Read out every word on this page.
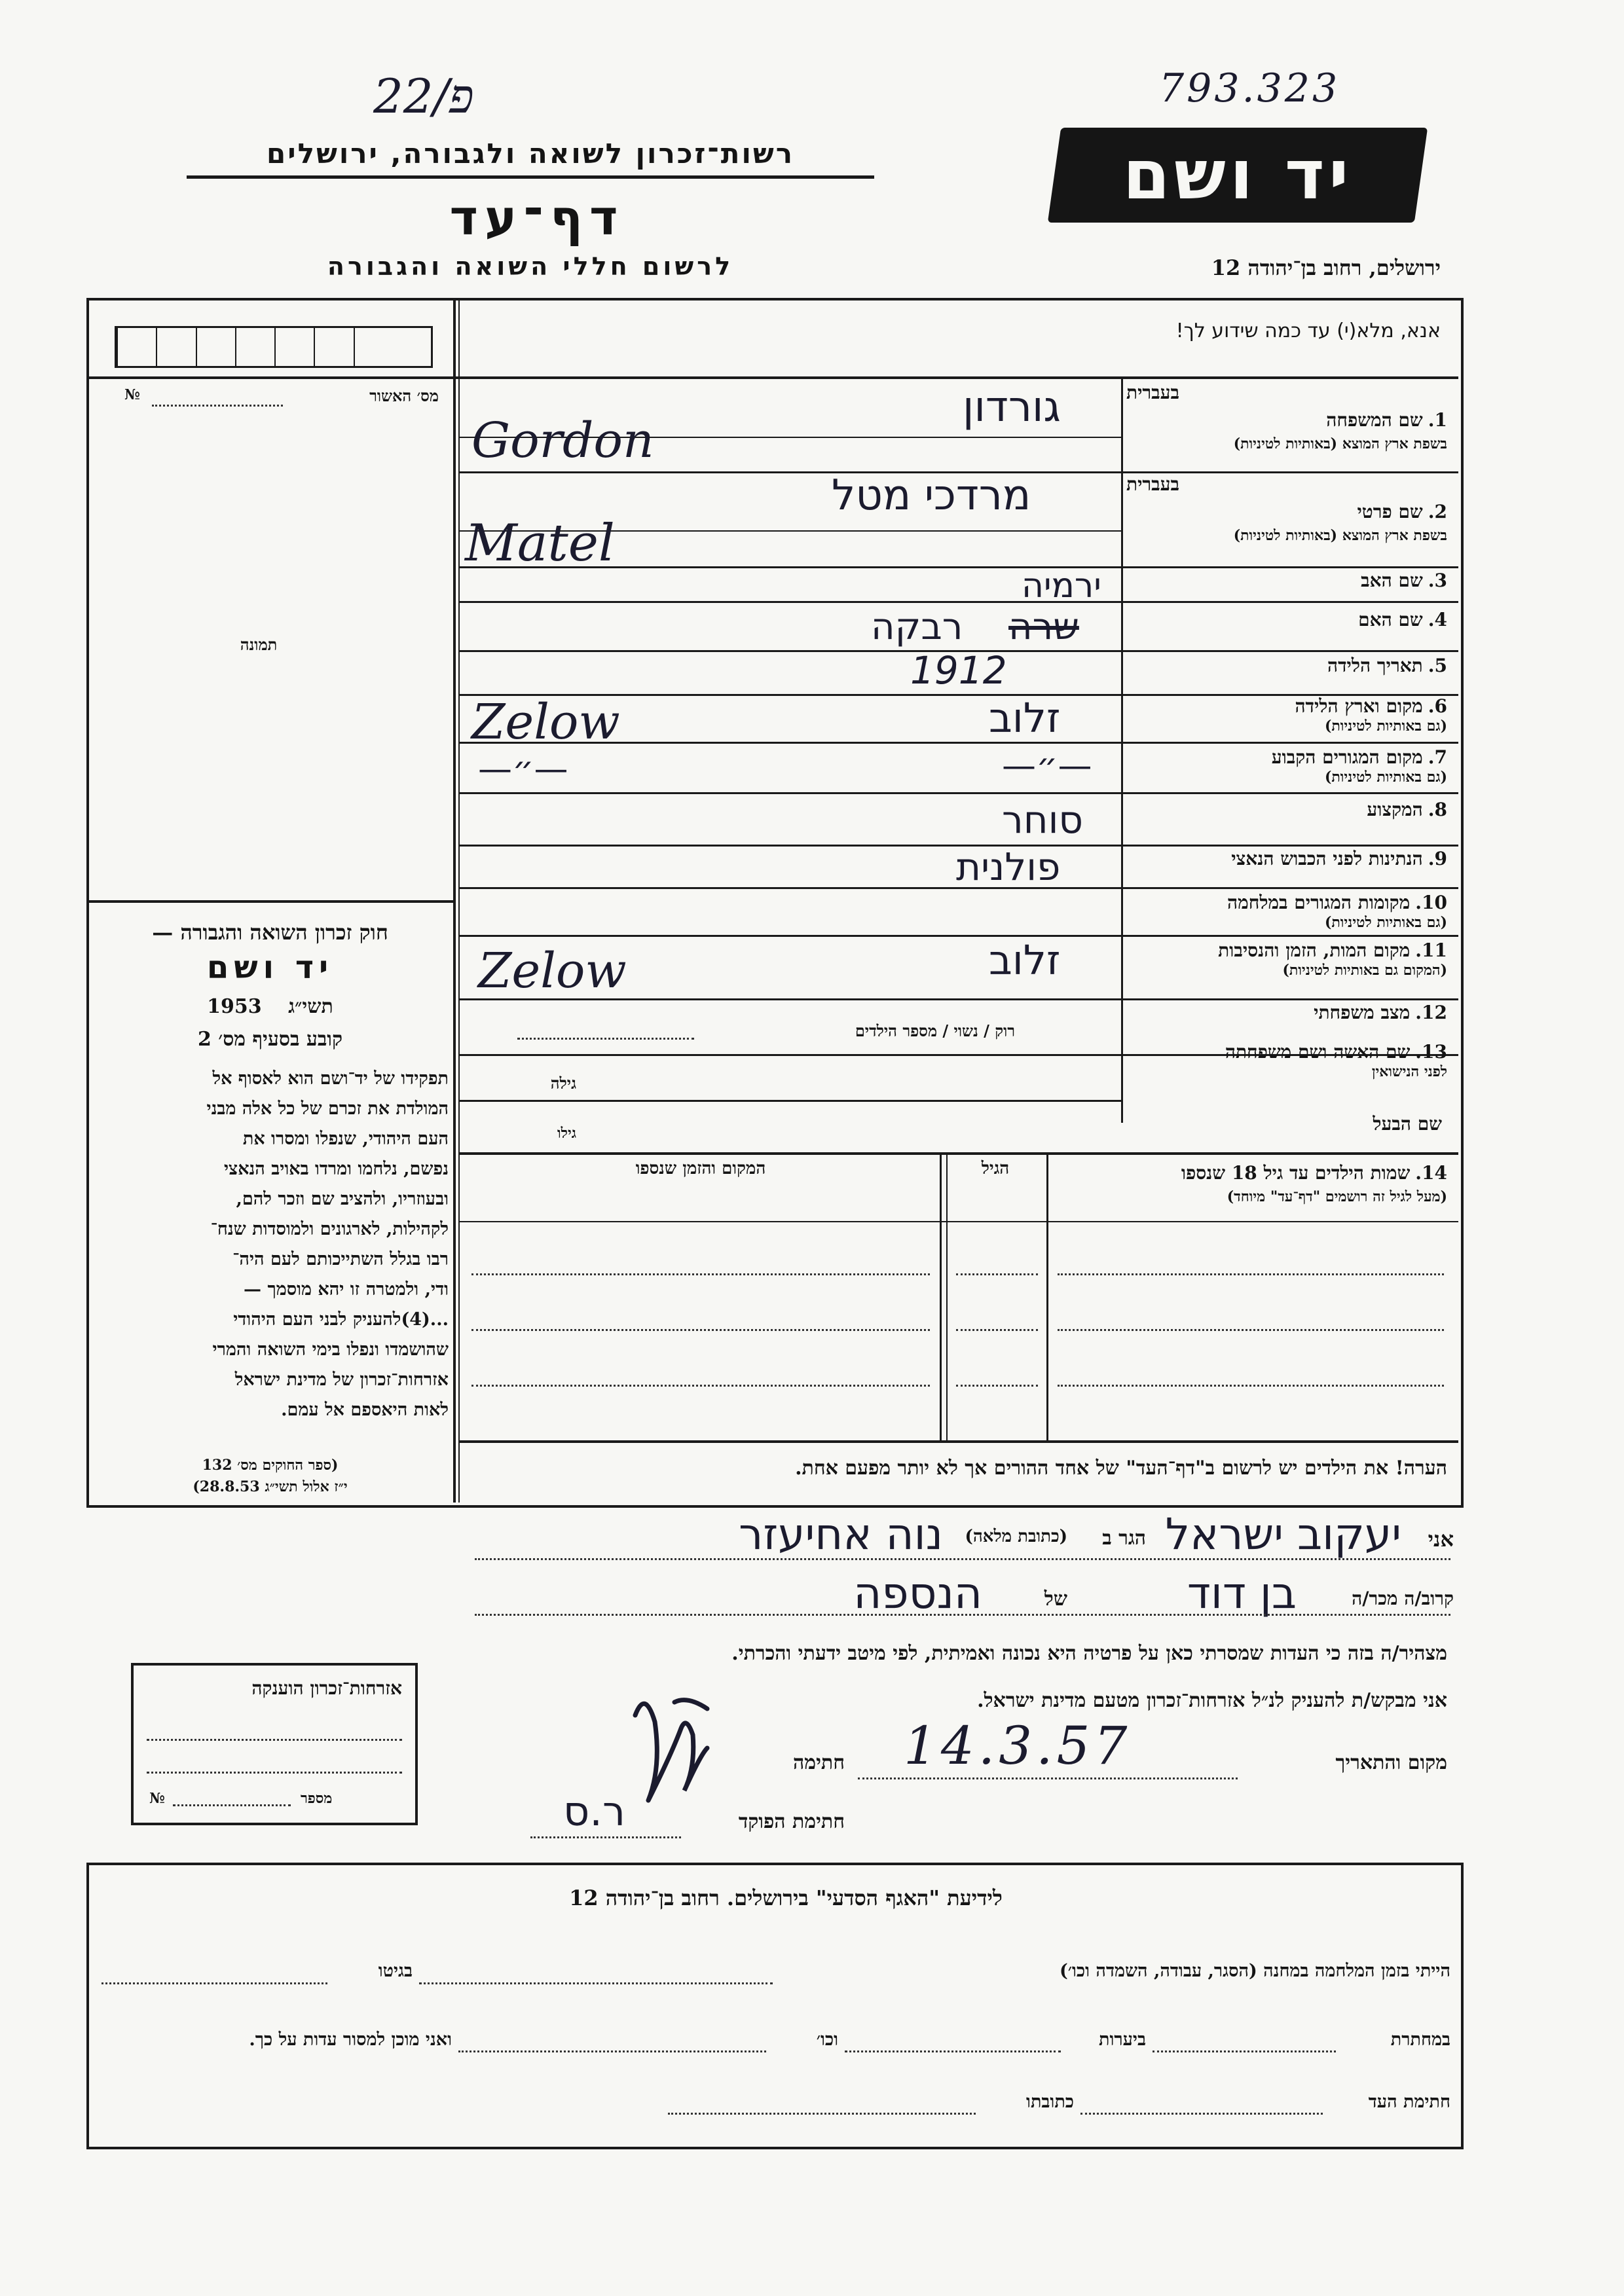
22/פ	793.323
רשות־זכרון לשואה ולגבורה, ירושלים
דף־עד
לרשום חללי השואה והגבורה
יד ושם
ירושלים, רחוב בן־יהודה 12
מס׳ האשור
№
תמונה
חוק זכרון השואה והגבורה —
יד ושם
תשי״ג 1953
קובע בסעיף מס׳ 2
תפקידו של יד־ושם הוא לאסוף אל
המולדת את זכרם של כל אלה מבני
העם היהודי, שנפלו ומסרו את
נפשם, נלחמו ומרדו באויב הנאצי
ובעוזריו, ולהציב שם וזכר להם,
לקהילות, לארגונים ולמוסדות שנח־
רבו בגלל השתייכותם לעם היה־
ודי, ולמטרה זו יהא מוסמך —
...(4)להעניק לבני העם היהודי
שהושמדו ונפלו בימי השואה והמרי
אזרחות־זכרון של מדינת ישראל
לאות היאספם אל עמם.
(ספר החוקים מס׳ 132
י״ז אלול תשי״ג 28.8.53)
אנא, מלא(י) עד כמה שידוע לך!
1.שם המשפחה
בעברית
בשפת ארץ המוצא (באותיות לטיניות)
2.שם פרטי
בעברית
בשפת ארץ המוצא (באותיות לטיניות)
3.שם האב
4.שם האם
5.תאריך הלידה
6.מקום וארץ הלידה
(גם באותיות לטיניות)
7.מקום המגורים הקבוע
(גם באותיות לטיניות)
8.המקצוע
9.הנתינות לפני הכבוש הנאצי
10.מקומות המגורים במלחמה
(גם באותיות לטיניות)
11.מקום המות, הזמן והנסיבות
(המקום גם באותיות לטיניות)
12.מצב משפחתי
13.שם האשה ושם משפחתה
לפני הנישואין
שם הבעל
14.שמות הילדים עד גיל 18 שנספו
(מעל לגיל זה רושמים "דף־עד" מיוחד)
גורדון
Gordon
מרדכי מטל
Matel
ירמיה
רבקה שרה
1912
זלוב
Zelow
—״—
—״—
סוחר
פולנית
זלוב
Zelow
רוק / נשוי / מספר הילדים
גילה
גילו
הגיל
המקום והזמן שנספו
הערה! את הילדים יש לרשום ב"דף־העד" של אחד ההורים אך לא יותר מפעם אחת.
אני
יעקוב ישראל
הגר ב
(כתובת מלאה)
נוה אחיעזר
קרוב/ה מכר/ה
בן דוד
של
הנספה
מצהיר/ה בזה כי העדות שמסרתי כאן על פרטיה היא נכונה ואמיתית, לפי מיטב ידעתי והכרתי.
אני מבקש/ת להעניק לנ״ל אזרחות־זכרון מטעם מדינת ישראל.
מקום והתאריך
14.3.57
חתימה
חתימת הפוקד
ר.ס
אזרחות־זכרון הוענקה
מספר
№
לידיעת "האגף הסדעי" בירושלים. רחוב בן־יהודה 12
הייתי בזמן המלחמה במחנה (הסגר, עבודה, השמדה וכו׳)
בגיטו
במחתרת
ביערות
וכו׳
ואני מוכן למסור עדות על כך.
חתימת העד
כתובתו
